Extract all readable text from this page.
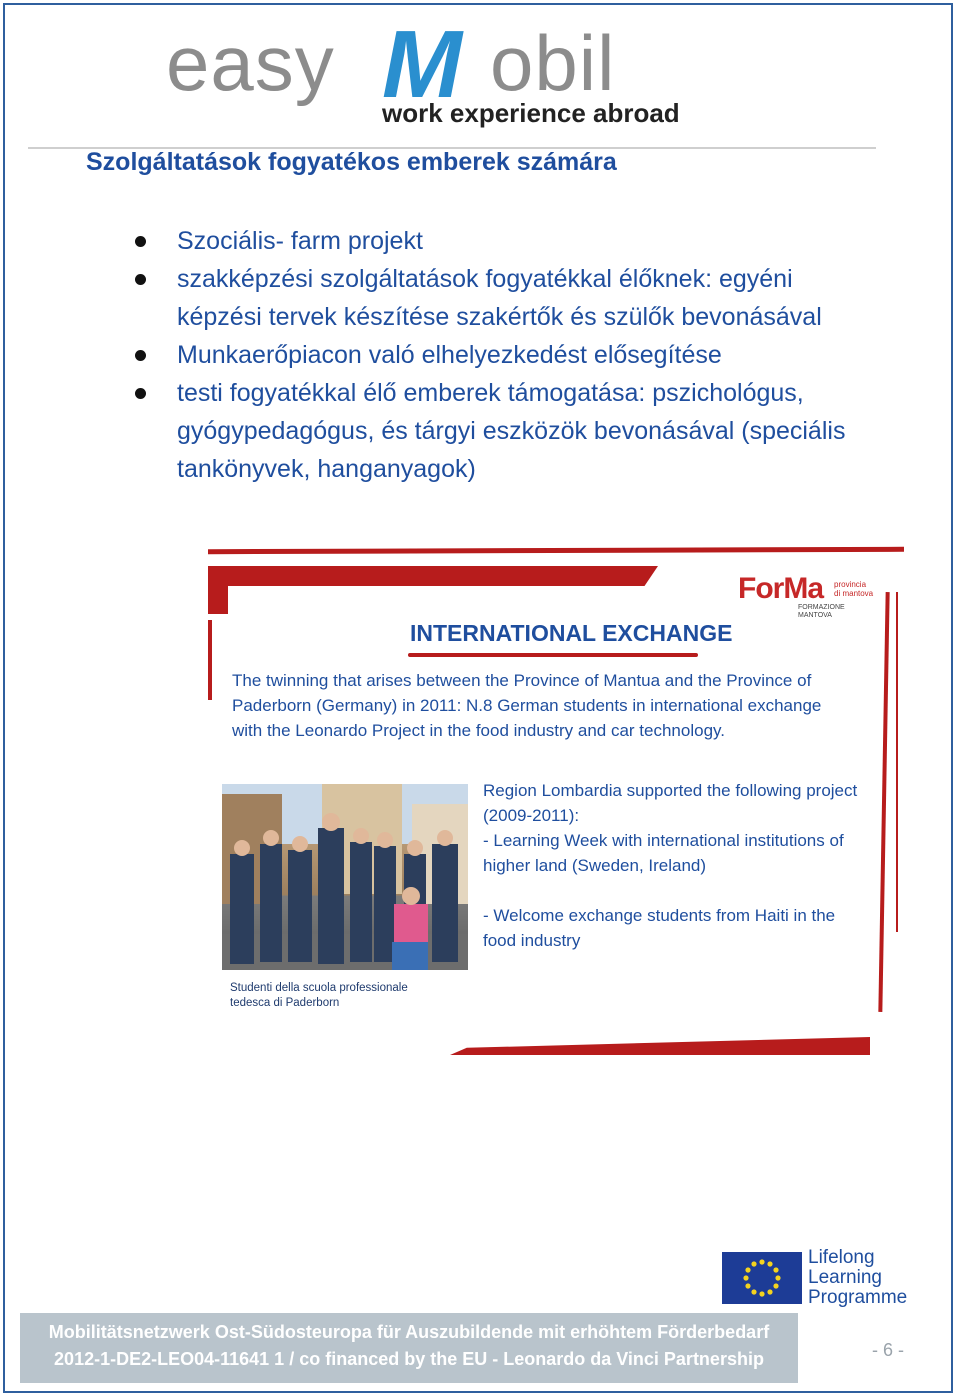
easy M obil
work experience abroad
Szolgáltatások fogyatékos emberek számára
Szociális- farm projekt
szakképzési szolgáltatások fogyatékkal élőknek: egyéni képzési tervek készítése szakértők és szülők bevonásával
Munkaerőpiacon való elhelyezkedést elősegítése
testi fogyatékkal élő emberek támogatása: pszichológus, gyógypedagógus, és tárgyi eszközök bevonásával (speciális tankönyvek, hanganyagok)
ForMa
FORMAZIONE MANTOVA
provincia di mantova
INTERNATIONAL EXCHANGE
The twinning that arises between the Province of Mantua and the Province of Paderborn (Germany) in 2011: N.8 German students in international exchange with the Leonardo Project in the food industry and car technology.
Studenti della scuola professionale tedesca di Paderborn

Region Lombardia supported the following project (2009-2011):

- Learning Week with international institutions of higher land (Sweden, Ireland)

- Welcome exchange students from Haiti in the food industry

Lifelong
Learning
Programme
Mobilitätsnetzwerk Ost-Südosteuropa für Auszubildende mit erhöhtem Förderbedarf
2012-1-DE2-LEO04-11641 1 / co financed by the EU - Leonardo da Vinci Partnership	- 6 -
